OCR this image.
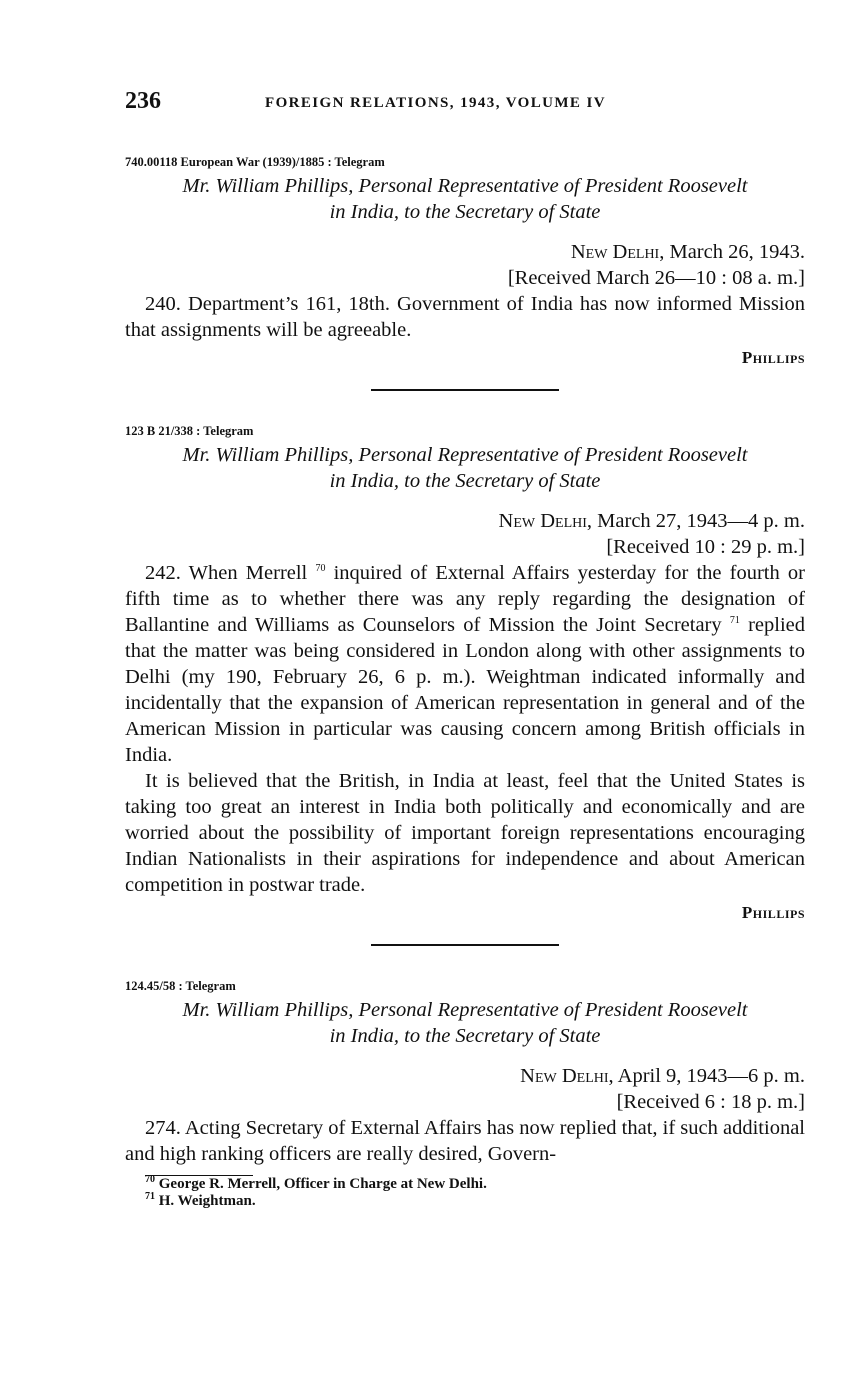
236	FOREIGN RELATIONS, 1943, VOLUME IV
740.00118 European War (1939)/1885 : Telegram
Mr. William Phillips, Personal Representative of President Roosevelt
in India, to the Secretary of State
New Delhi, March 26, 1943.
[Received March 26—10 : 08 a. m.]

240. Department’s 161, 18th. Government of India has now informed Mission that assignments will be agreeable.

Phillips
123 B 21/338 : Telegram
Mr. William Phillips, Personal Representative of President Roosevelt
in India, to the Secretary of State
New Delhi, March 27, 1943—4 p. m.
[Received 10 : 29 p. m.]

242. When Merrell $^{70}$ inquired of External Affairs yesterday for the fourth or fifth time as to whether there was any reply regarding the designation of Ballantine and Williams as Counselors of Mission the Joint Secretary $^{71}$ replied that the matter was being considered in London along with other assignments to Delhi (my 190, February 26, 6 p. m.). Weightman indicated informally and incidentally that the expansion of American representation in general and of the American Mission in particular was causing concern among British officials in India.

It is believed that the British, in India at least, feel that the United States is taking too great an interest in India both politically and economically and are worried about the possibility of important foreign representations encouraging Indian Nationalists in their aspirations for independence and about American competition in postwar trade.

Phillips
124.45/58 : Telegram
Mr. William Phillips, Personal Representative of President Roosevelt
in India, to the Secretary of State
New Delhi, April 9, 1943—6 p. m.
[Received 6 : 18 p. m.]

274. Acting Secretary of External Affairs has now replied that, if such additional and high ranking officers are really desired, Govern-

$^{70}$ George R. Merrell, Officer in Charge at New Delhi.
$^{71}$ H. Weightman.
